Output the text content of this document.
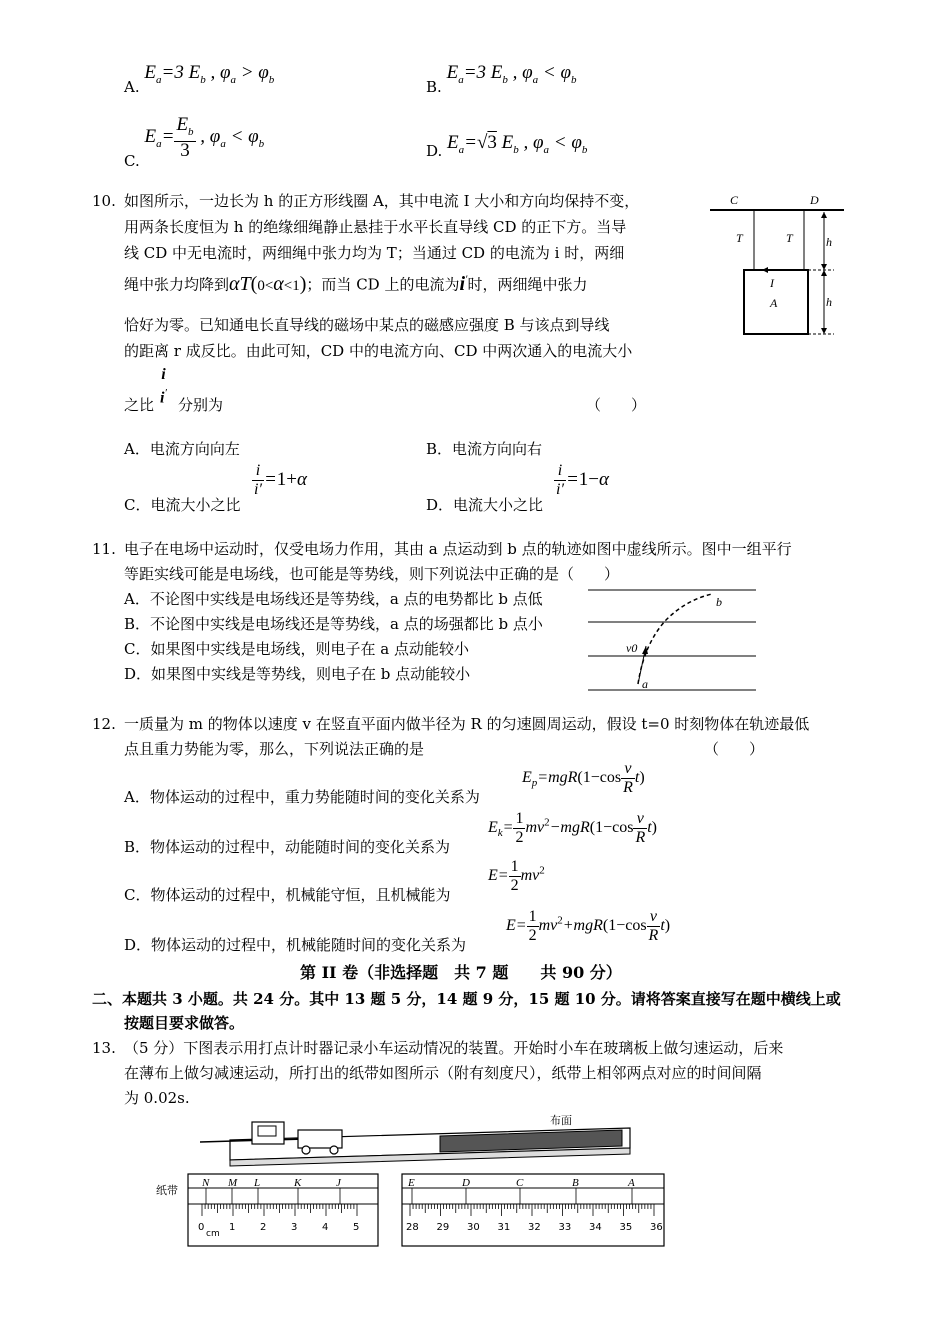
A. $E_a=3$ $E_b$ , $\varphi_a > \varphi_b$	B. $E_a=3$ $E_b$ , $\varphi_a < \varphi_b$
C. $E_a= \frac{E_b}{3}$ , $\varphi_a < \varphi_b$	D. $E_a=√3$ $E_b$ , $\varphi_a < \varphi_b$
10. 如图所示，一边长为 h 的正方形线圈 A，其中电流 I 大小和方向均保持不变，
用两条长度恒为 h 的绝缘细绳静止悬挂于水平长直导线 CD 的正下方。当导
线 CD 中无电流时，两细绳中张力均为 T；当通过 CD 的电流为 i 时，两细
绳中张力均降到αT(0<α<1)；而当 CD 上的电流为i′时，两细绳中张力
恰好为零。已知通电长直导线的磁场中某点的磁感应强度 B 与该点到导线
的距离 r 成反比。由此可知，CD 中的电流方向、CD 中两次通入的电流大小
之比
i
i′
分别为	（　　）
A．电流方向向左	B．电流方向向右
C．电流大小之比
$\frac{i}{i'} =1+\alpha$
D．电流大小之比
$\frac{i}{i'} =1-\alpha$
C	D
T	T
I
A
h
h
11. 电子在电场中运动时，仅受电场力作用，其由 a 点运动到 b 点的轨迹如图中虚线所示。图中一组平行
等距实线可能是电场线，也可能是等势线，则下列说法中正确的是（　　）
A．不论图中实线是电场线还是等势线，a 点的电势都比 b 点低
B．不论图中实线是电场线还是等势线，a 点的场强都比 b 点小
C．如果图中实线是电场线，则电子在 a 点动能较小
D．如果图中实线是等势线，则电子在 b 点动能较小
b
v0
a
12. 一质量为 m 的物体以速度 v 在竖直平面内做半径为 R 的匀速圆周运动，假设 t=0 时刻物体在轨迹最低
点且重力势能为零，那么，下列说法正确的是	（　　）
A．物体运动的过程中，重力势能随时间的变化关系为
$E_p=mgR(1-\cos \frac{v}{R} t)$
B．物体运动的过程中，动能随时间的变化关系为
$E_k= \frac{1}{2} mv^2-mgR(1-\cos \frac{v}{R} t)$
C．物体运动的过程中，机械能守恒，且机械能为
$E= \frac{1}{2} mv^2$
D．物体运动的过程中，机械能随时间的变化关系为
$E= \frac{1}{2} mv^2+mgR(1-\cos \frac{v}{R} t)$
第 II 卷（非选择题　共 7 题　　共 90 分）
二、本题共 3 小题。共 24 分。其中 13 题 5 分，14 题 9 分，15 题 10 分。请将答案直接写在题中横线上或
按题目要求做答。
13. （5 分）下图表示用打点计时器记录小车运动情况的装置。开始时小车在玻璃板上做匀速运动，后来
在薄布上做匀减速运动，所打出的纸带如图所示（附有刻度尺），纸带上相邻两点对应的时间间隔
为 0.02s.
布面
纸带
cm
0 1 2 3 4 5
N M L	K	J
28 29 30 31 32 33 34 35 36
E	D	C	B	A
